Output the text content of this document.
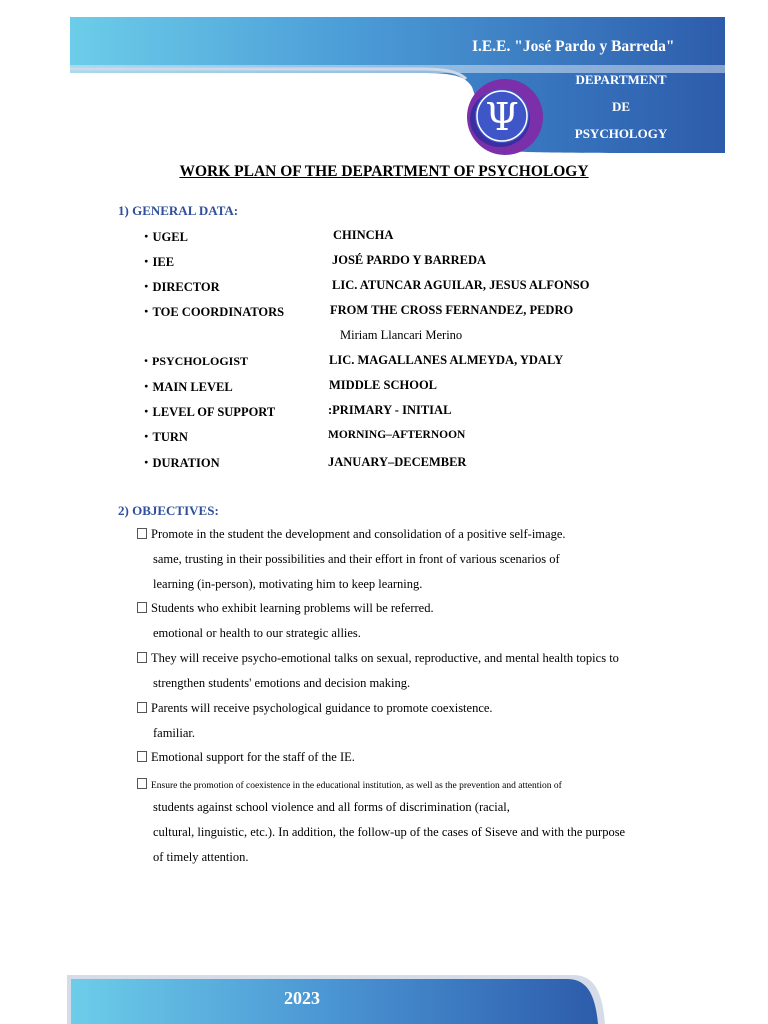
Ψ
I.E.E. "José Pardo y Barreda"
DEPARTMENT
DE
PSYCHOLOGY
WORK PLAN OF THE DEPARTMENT OF PSYCHOLOGY
1) GENERAL DATA:
・UGEL	CHINCHA
・IEE	JOSÉ PARDO Y BARREDA
・DIRECTOR	LIC. ATUNCAR AGUILAR, JESUS ALFONSO
・TOE COORDINATORS	FROM THE CROSS FERNANDEZ, PEDRO
Miriam Llancari Merino
・PSYCHOLOGIST	LIC. MAGALLANES ALMEYDA, YDALY
・MAIN LEVEL	MIDDLE SCHOOL
・LEVEL OF SUPPORT	:PRIMARY - INITIAL
・TURN	MORNING–AFTERNOON
・DURATION	JANUARY–DECEMBER
2) OBJECTIVES:
Promote in the student the development and consolidation of a positive self-image.
same, trusting in their possibilities and their effort in front of various scenarios of
learning (in-person), motivating him to keep learning.
Students who exhibit learning problems will be referred.
emotional or health to our strategic allies.
They will receive psycho-emotional talks on sexual, reproductive, and mental health topics to
strengthen students' emotions and decision making.
Parents will receive psychological guidance to promote coexistence.
familiar.
Emotional support for the staff of the IE.
Ensure the promotion of coexistence in the educational institution, as well as the prevention and attention of
students against school violence and all forms of discrimination (racial,
cultural, linguistic, etc.). In addition, the follow-up of the cases of Siseve and with the purpose
of timely attention.
2023
